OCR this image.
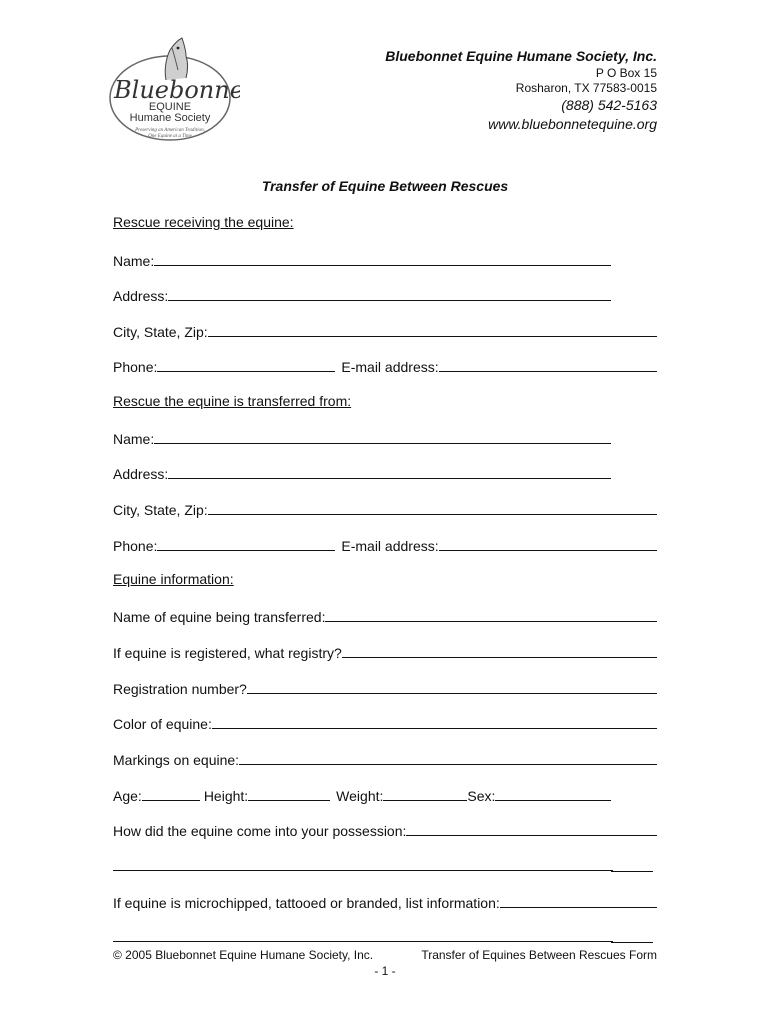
Bluebonnet
EQUINE
Humane Society
Preserving an American Tradition,
One Equine at a Time
Bluebonnet Equine Humane Society, Inc.
P O Box 15
Rosharon, TX 77583-0015
(888) 542-5163
www.bluebonnetequine.org
Transfer of Equine Between Rescues
Rescue receiving the equine:
Name:
Address:
City, State, Zip:
Phone:	E-mail address:
Rescue the equine is transferred from:
Name:
Address:
City, State, Zip:
Phone:	E-mail address:
Equine information:
Name of equine being transferred:
If equine is registered, what registry?
Registration number?
Color of equine:
Markings on equine:
Age:	Height:	Weight:	Sex:
How did the equine come into your possession:
If equine is microchipped, tattooed or branded, list information:
© 2005 Bluebonnet Equine Humane Society, Inc.	Transfer of Equines Between Rescues Form
- 1 -
